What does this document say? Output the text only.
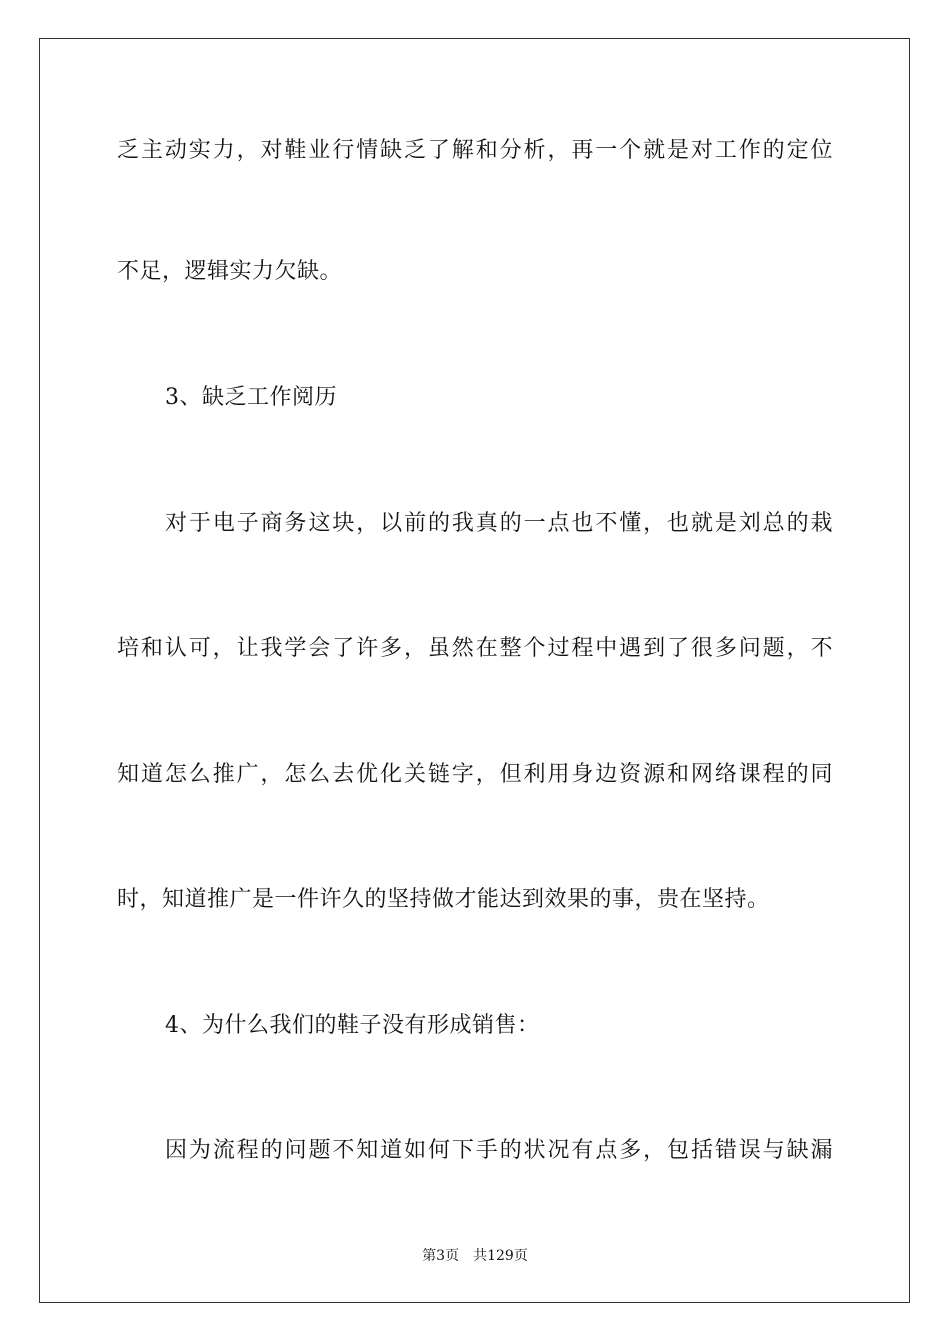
乏主动实力，对鞋业行情缺乏了解和分析，再一个就是对工作的定位
不足，逻辑实力欠缺。
3、缺乏工作阅历
对于电子商务这块，以前的我真的一点也不懂，也就是刘总的栽
培和认可，让我学会了许多，虽然在整个过程中遇到了很多问题，不
知道怎么推广，怎么去优化关链字，但利用身边资源和网络课程的同
时，知道推广是一件许久的坚持做才能达到效果的事，贵在坚持。
4、为什么我们的鞋子没有形成销售：
因为流程的问题不知道如何下手的状况有点多，包括错误与缺漏
第3页 共129页
